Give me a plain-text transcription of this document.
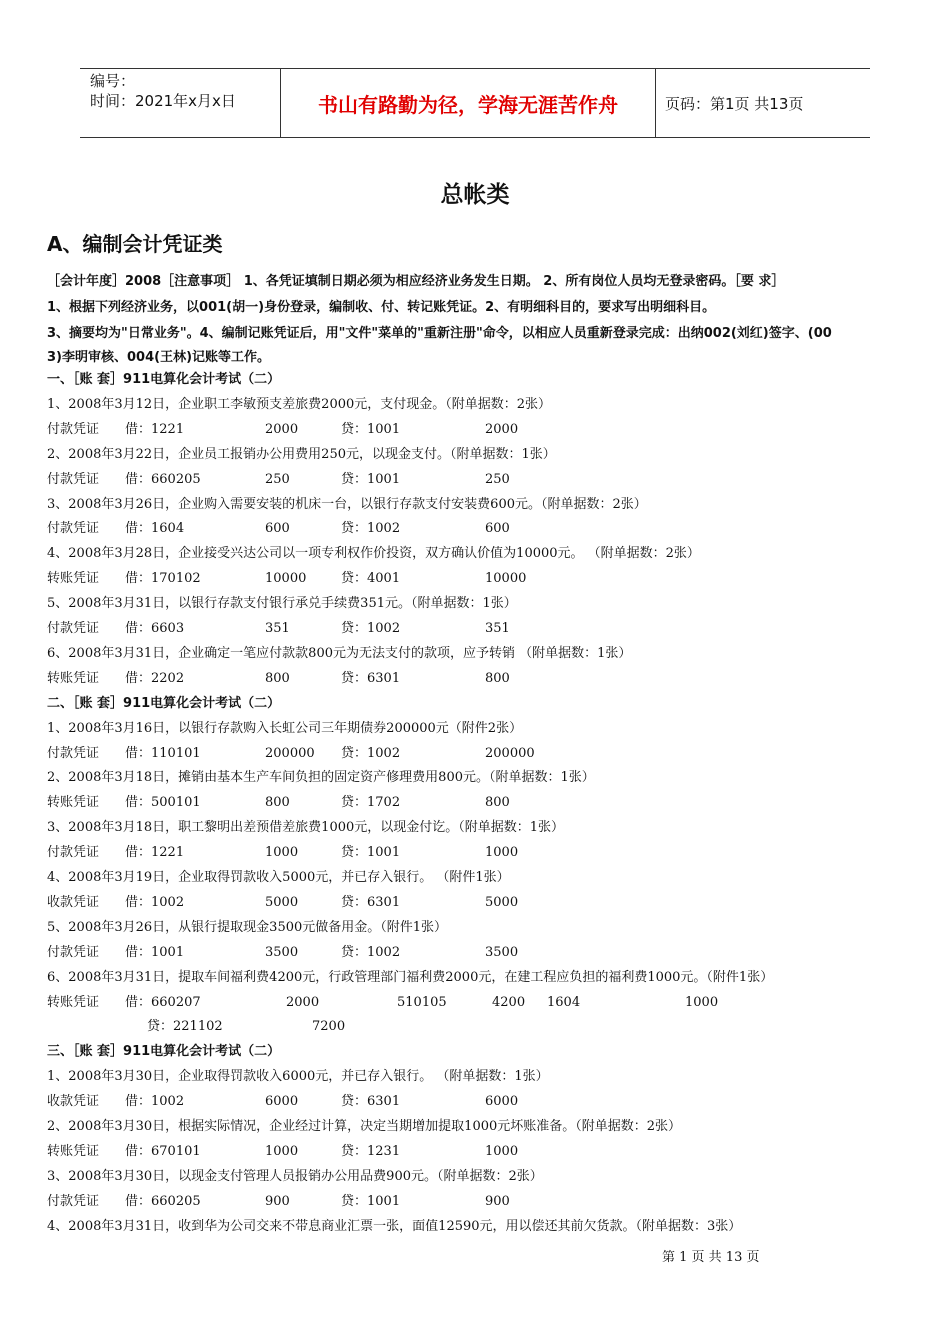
编号：
时间：2021年x月x日	书山有路勤为径，学海无涯苦作舟	页码：第1页 共13页
总帐类
A、编制会计凭证类
［会计年度］2008［注意事项］ 1、各凭证填制日期必须为相应经济业务发生日期。 2、所有岗位人员均无登录密码。［要 求］
1、根据下列经济业务，以001(胡一)身份登录，编制收、付、转记账凭证。2、有明细科目的，要求写出明细科目。
3、摘要均为"日常业务"。4、编制记账凭证后，用"文件"菜单的"重新注册"命令，以相应人员重新登录完成：出纳002(刘红)签字、(00
3)李明审核、004(王林)记账等工作。
一、［账 套］911电算化会计考试（二）
1、2008年3月12日，企业职工李敏预支差旅费2000元，支付现金。（附单据数：2张）
付款凭证 借：1221	2000	贷：1001	2000
2、2008年3月22日，企业员工报销办公用费用250元，以现金支付。（附单据数：1张）
付款凭证 借：660205	250	贷：1001	250
3、2008年3月26日，企业购入需要安装的机床一台，以银行存款支付安装费600元。（附单据数：2张）
付款凭证 借：1604	600	贷：1002	600
4、2008年3月28日，企业接受兴达公司以一项专利权作价投资，双方确认价值为10000元。 （附单据数：2张）
转账凭证 借：170102	10000	贷：4001	10000
5、2008年3月31日，以银行存款支付银行承兑手续费351元。（附单据数：1张）
付款凭证 借：6603	351	贷：1002	351
6、2008年3月31日，企业确定一笔应付款款800元为无法支付的款项，应予转销 （附单据数：1张）
转账凭证 借：2202	800	贷：6301	800
二、［账 套］911电算化会计考试（二）
1、2008年3月16日，以银行存款购入长虹公司三年期债券200000元（附件2张）
付款凭证 借：110101	200000 贷：1002	200000
2、2008年3月18日，摊销由基本生产车间负担的固定资产修理费用800元。（附单据数：1张）
转账凭证 借：500101	800	贷：1702	800
3、2008年3月18日，职工黎明出差预借差旅费1000元，以现金付讫。（附单据数：1张）
付款凭证 借：1221	1000	贷：1001	1000
4、2008年3月19日，企业取得罚款收入5000元，并已存入银行。 （附件1张）
收款凭证 借：1002	5000	贷：6301	5000
5、2008年3月26日，从银行提取现金3500元做备用金。（附件1张）
付款凭证 借：1001	3500	贷：1002	3500
6、2008年3月31日，提取车间福利费4200元，行政管理部门福利费2000元，在建工程应负担的福利费1000元。（附件1张）
转账凭证 借：660207	2000	510105	4200 1604	1000
贷：221102	7200
三、［账 套］911电算化会计考试（二）
1、2008年3月30日，企业取得罚款收入6000元，并已存入银行。 （附单据数：1张）
收款凭证 借：1002	6000	贷：6301	6000
2、2008年3月30日，根据实际情况，企业经过计算，决定当期增加提取1000元坏账准备。（附单据数：2张）
转账凭证 借：670101	1000	贷：1231	1000
3、2008年3月30日，以现金支付管理人员报销办公用品费900元。（附单据数：2张）
付款凭证 借：660205	900	贷：1001	900
4、2008年3月31日，收到华为公司交来不带息商业汇票一张，面值12590元，用以偿还其前欠货款。（附单据数：3张）
第 1 页 共 13 页
